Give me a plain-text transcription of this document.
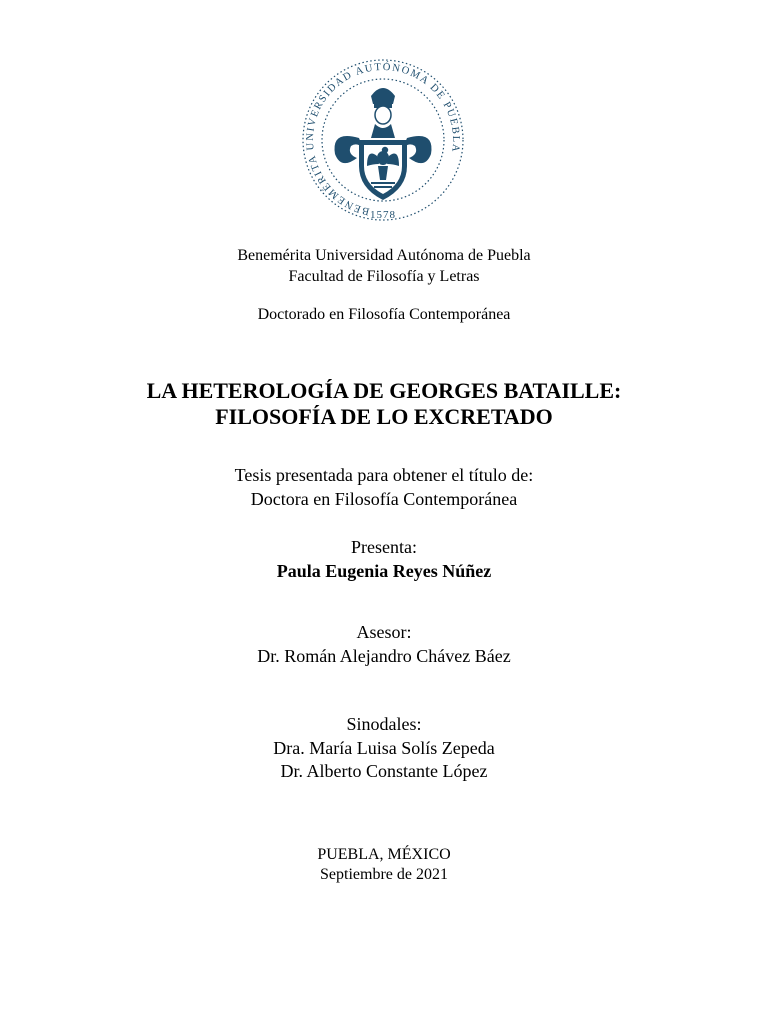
BENEMÉRITA UNIVERSIDAD AUTÓNOMA DE PUEBLA
1578
Benemérita Universidad Autónoma de Puebla
Facultad de Filosofía y Letras
Doctorado en Filosofía Contemporánea
LA HETEROLOGÍA DE GEORGES BATAILLE:
FILOSOFÍA DE LO EXCRETADO
Tesis presentada para obtener el título de:
Doctora en Filosofía Contemporánea
Presenta:
Paula Eugenia Reyes Núñez
Asesor:
Dr. Román Alejandro Chávez Báez
Sinodales:
Dra. María Luisa Solís Zepeda
Dr. Alberto Constante López
PUEBLA, MÉXICO
Septiembre de 2021
